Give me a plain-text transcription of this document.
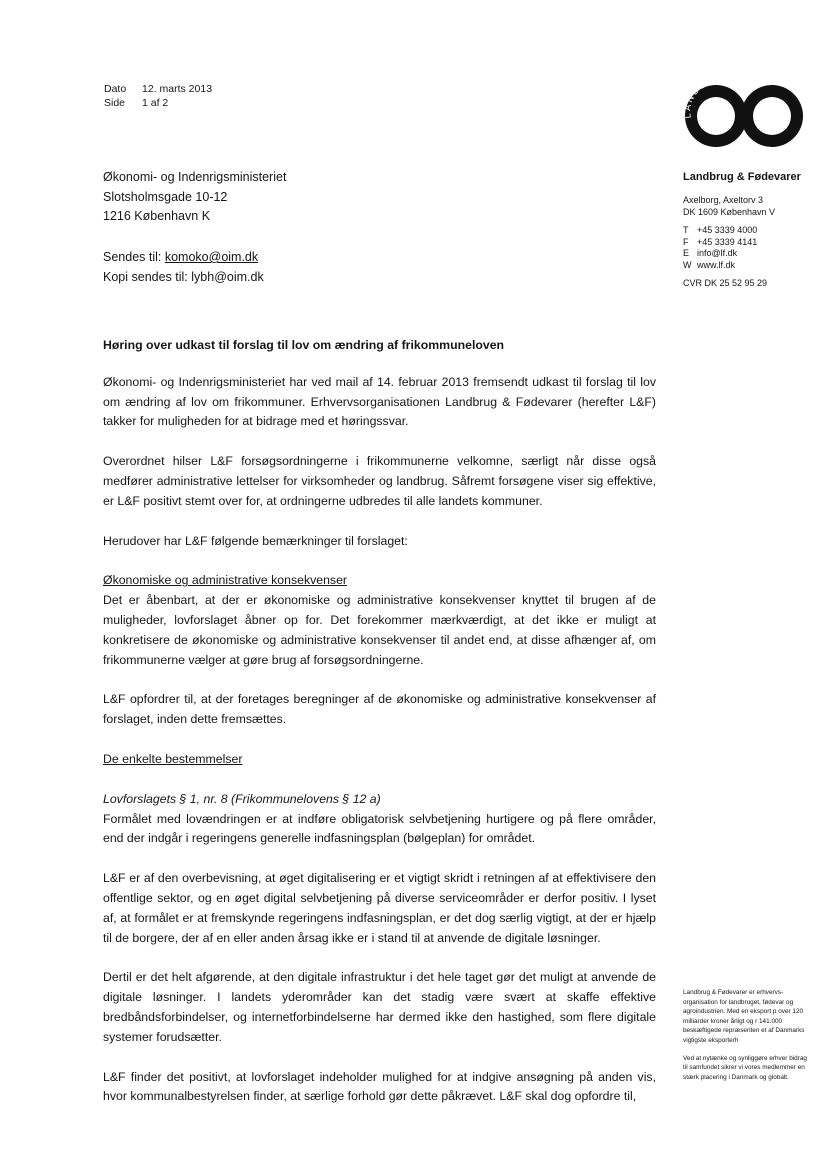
Dato	12. marts 2013
Side	1 af 2
LANDBRUG FØDEVARER
Økonomi- og Indenrigsministeriet
Slotsholmsgade 10-12
1216 København K
Sendes til: komoko@oim.dk
Kopi sendes til: lybh@oim.dk
Landbrug & Fødevarer
Axelborg, Axeltorv 3
DK 1609 København V
T +45 3339 4000
F +45 3339 4141
E info@lf.dk
W www.lf.dk
CVR DK 25 52 95 29

Høring over udkast til forslag til lov om ændring af frikommuneloven

Økonomi- og Indenrigsministeriet har ved mail af 14. februar 2013 fremsendt udkast til forslag til lov om ændring af lov om frikommuner. Erhvervsorganisationen Landbrug & Fødevarer (herefter L&F) takker for muligheden for at bidrage med et høringssvar.

Overordnet hilser L&F forsøgsordningerne i frikommunerne velkomne, særligt når disse også medfører administrative lettelser for virksomheder og landbrug. Såfremt forsøgene viser sig effektive, er L&F positivt stemt over for, at ordningerne udbredes til alle landets kommuner.

Herudover har L&F følgende bemærkninger til forslaget:

Økonomiske og administrative konsekvenser

Det er åbenbart, at der er økonomiske og administrative konsekvenser knyttet til brugen af de muligheder, lovforslaget åbner op for. Det forekommer mærkværdigt, at det ikke er muligt at konkretisere de økonomiske og administrative konsekvenser til andet end, at disse afhænger af, om frikommunerne vælger at gøre brug af forsøgsordningerne.

L&F opfordrer til, at der foretages beregninger af de økonomiske og administrative konsekvenser af forslaget, inden dette fremsættes.

De enkelte bestemmelser

Lovforslagets § 1, nr. 8 (Frikommunelovens § 12 a)

Formålet med lovændringen er at indføre obligatorisk selvbetjening hurtigere og på flere områder, end der indgår i regeringens generelle indfasningsplan (bølgeplan) for området.

L&F er af den overbevisning, at øget digitalisering er et vigtigt skridt i retningen af at effektivisere den offentlige sektor, og en øget digital selvbetjening på diverse serviceområder er derfor positiv. I lyset af, at formålet er at fremskynde regeringens indfasningsplan, er det dog særlig vigtigt, at der er hjælp til de borgere, der af en eller anden årsag ikke er i stand til at anvende de digitale løsninger.

Dertil er det helt afgørende, at den digitale infrastruktur i det hele taget gør det muligt at anvende de digitale løsninger. I landets yderområder kan det stadig være svært at skaffe effektive bredbåndsforbindelser, og internetforbindelserne har dermed ikke den hastighed, som flere digitale systemer forudsætter.

L&F finder det positivt, at lovforslaget indeholder mulighed for at indgive ansøgning på anden vis, hvor kommunalbestyrelsen finder, at særlige forhold gør dette påkrævet. L&F skal dog opfordre til,

Landbrug & Fødevarer er erhvervs- organisation for landbruget, fødevar og agroindustrien. Med en eksport p over 120 milliarder kroner årligt og r 141.000 beskæftigede repræsenten et af Danmarks vigtigste eksporterh

Ved at nytænke og synliggøre erhver bidrag til samfundet sikrer vi vores medlemmer en stærk placering i Danmark og globalt.
